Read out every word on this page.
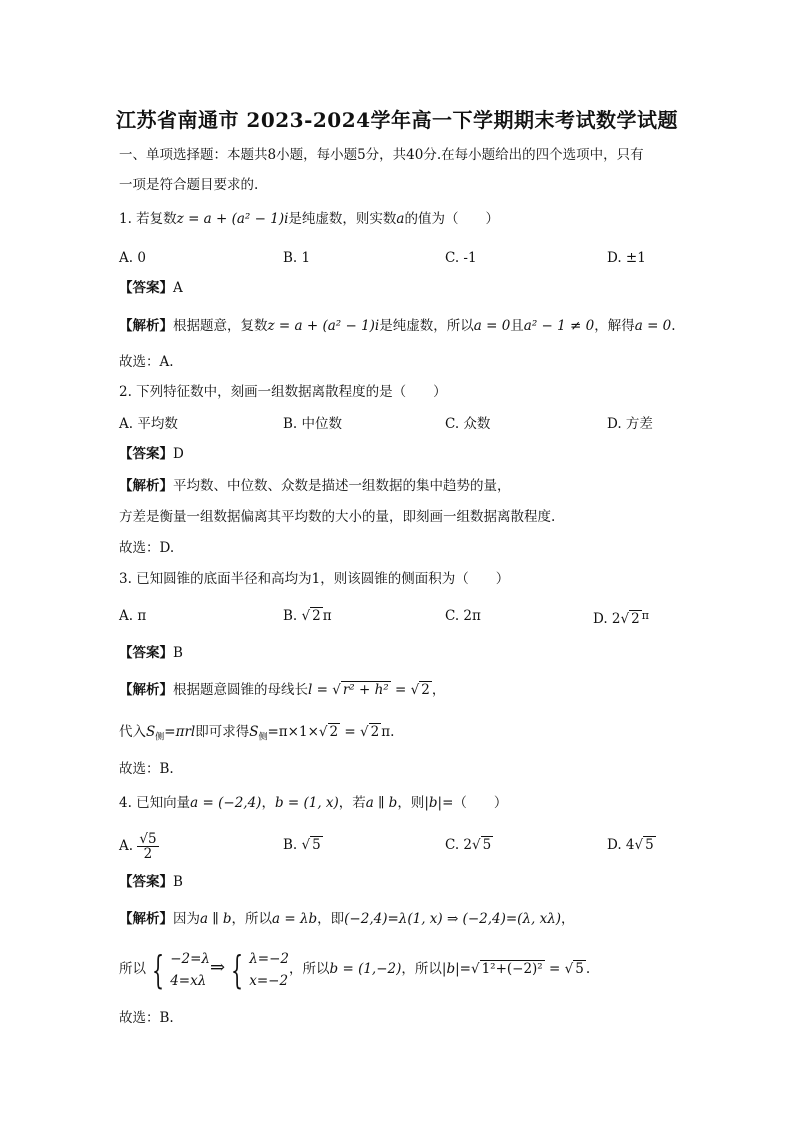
江苏省南通市 2023-2024学年高一下学期期末考试数学试题
一、单项选择题：本题共8小题，每小题5分，共40分.在每小题给出的四个选项中，只有
一项是符合题目要求的.
1. 若复数z = a + (a² − 1)i是纯虚数，则实数a的值为（　　）
A. 0	B. 1	C. -1	D. ±1
【答案】A
【解析】根据题意，复数z = a + (a² − 1)i是纯虚数，所以a = 0且a² − 1 ≠ 0，解得a = 0.
故选：A.
2. 下列特征数中，刻画一组数据离散程度的是（　　）
A. 平均数	B. 中位数	C. 众数	D. 方差
【答案】D
【解析】平均数、中位数、众数是描述一组数据的集中趋势的量，
方差是衡量一组数据偏离其平均数的大小的量，即刻画一组数据离散程度.
故选：D.
3. 已知圆锥的底面半径和高均为1，则该圆锥的侧面积为（　　）
A. π	B. √ 2 π	C. 2π	D. 2√ 2 $^\pi$
【答案】B
【解析】根据题意圆锥的母线长l = √ r² + h² = √ 2 ，
代入$S_侧=\pi rl$即可求得$S_侧=\pi\times 1\times√$ 2 = √ 2 π.
故选：B.
4. 已知向量a = (−2,4)，b = (1, x)，若a ∥ b，则|b|=（　　）
A. $\frac{√5}{2}$	B. √ 5	C. 2√ 5	D. 4√ 5
【答案】B
【解析】因为a ∥ b，所以a = λb，即(−2,4)=λ(1, x) ⇒ (−2,4)=(λ, xλ)，
所以 { −2=λ
4=xλ
⇒ { λ=−2
x=−2
，所以b = (1,−2)，所以|b|=√ 1²+(−2)² = √ 5 .
故选：B.
